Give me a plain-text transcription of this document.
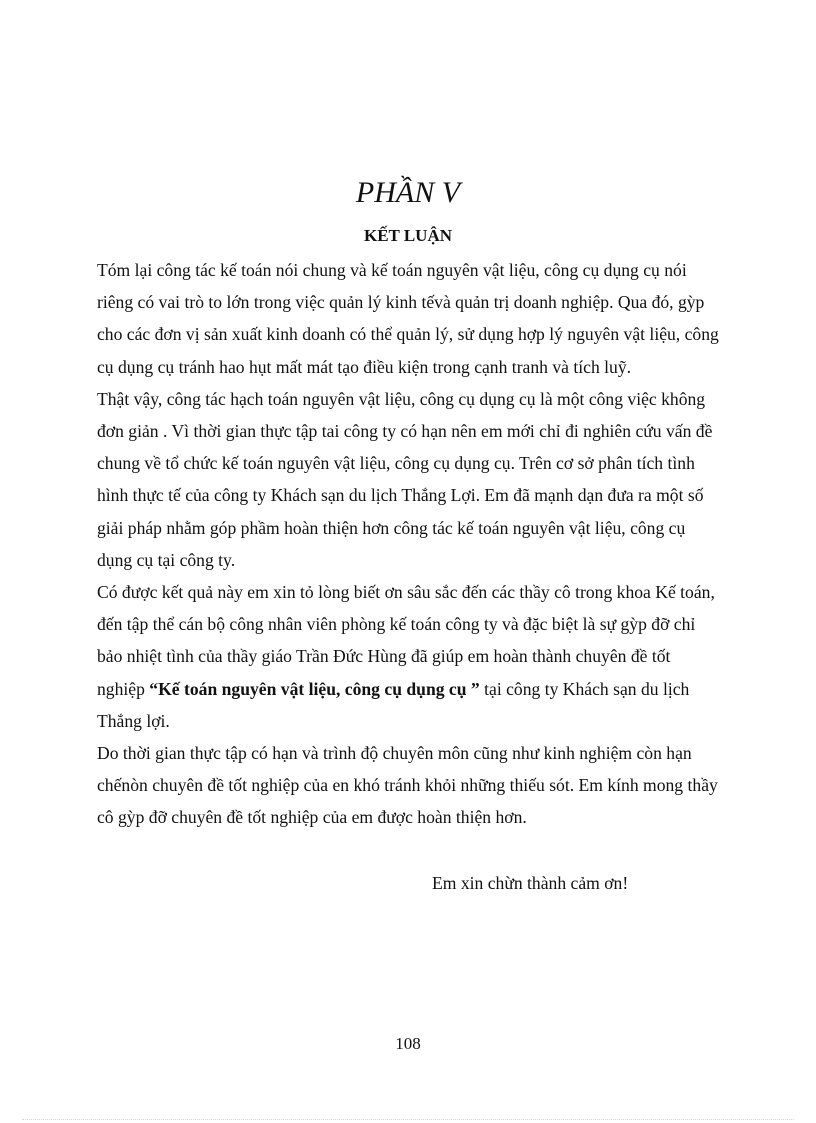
PHẦN V
KẾT LUẬN

Tóm lại công tác kế toán nói chung và kế toán nguyên vật liệu, công cụ dụng cụ nói riêng có vai trò to lớn trong việc quản lý kinh tếvà quản trị doanh nghiệp. Qua đó, gỳp cho các đơn vị sản xuất kinh doanh có thể quản lý, sử dụng hợp lý nguyên vật liệu, công cụ dụng cụ tránh hao hụt mất mát tạo điều kiện trong cạnh tranh và tích luỹ.

Thật vậy, công tác hạch toán nguyên vật liệu, công cụ dụng cụ là một công việc không đơn giản . Vì thời gian thực tập tai công ty có hạn nên em mới chỉ đi nghiên cứu vấn đề chung về tổ chức kế toán nguyên vật liệu, công cụ dụng cụ. Trên cơ sở phân tích tình hình thực tế của công ty Khách sạn du lịch Thắng Lợi. Em đã mạnh dạn đưa ra một số giải pháp nhằm góp phầm hoàn thiện hơn công tác kế toán nguyên vật liệu, công cụ dụng cụ tại công ty.

Có được kết quả này em xin tỏ lòng biết ơn sâu sắc đến các thầy cô trong khoa Kế toán, đến tập thể cán bộ công nhân viên phòng kế toán công ty và đặc biệt là sự gỳp đỡ chỉ bảo nhiệt tình của thầy giáo Trần Đức Hùng đã giúp em hoàn thành chuyên đề tốt nghiệp “Kế toán nguyên vật liệu, công cụ dụng cụ ” tại công ty Khách sạn du lịch Thắng lợi.

Do thời gian thực tập có hạn và trình độ chuyên môn cũng như kinh nghiệm còn hạn chếnòn chuyên đề tốt nghiệp của en khó tránh khỏi những thiếu sót. Em kính mong thầy cô gỳp đỡ chuyên đề tốt nghiệp của em được hoàn thiện hơn.

Em xin chừn thành cảm ơn!
108
